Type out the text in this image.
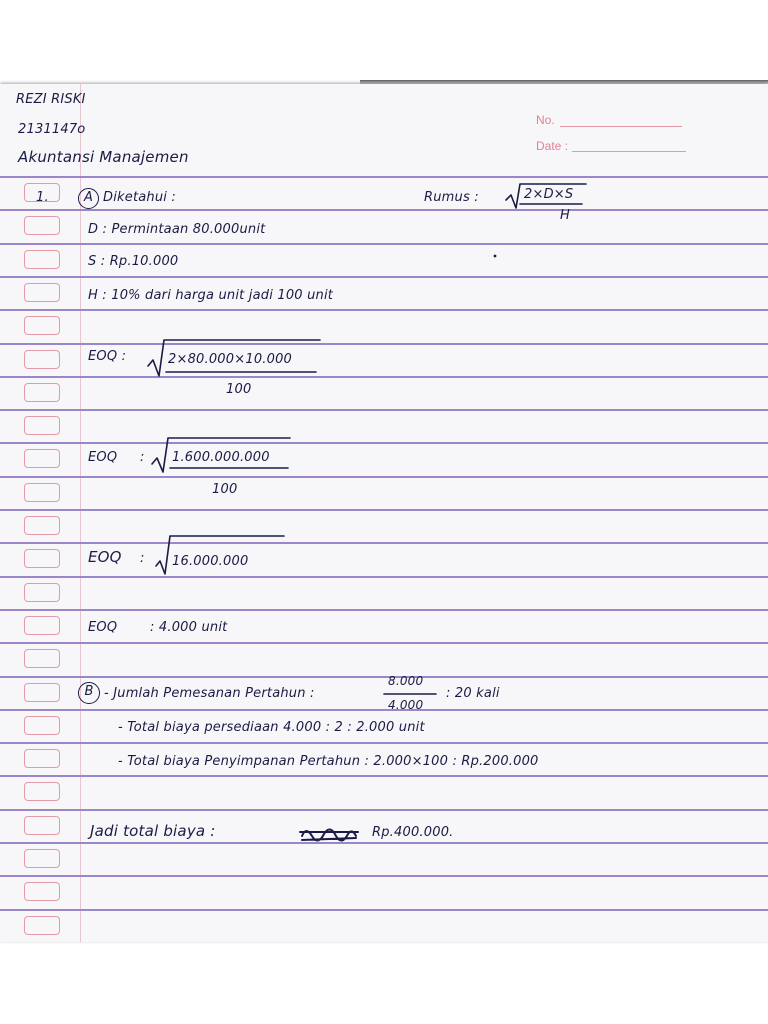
No.
Date :
REZI RISKI
2131147o
Akuntansi Manajemen
1.	A Diketahui :	Rumus :	2×D×S
H
D : Permintaan 80.000unit
S : Rp.10.000
H : 10% dari harga unit jadi 100 unit
EOQ :	2×80.000×10.000
100
EOQ : 1.600.000.000
100
EOQ : 16.000.000
EOQ	: 4.000 unit
B - Jumlah Pemesanan Pertahun :
8.000
4.000
: 20 kali
- Total biaya persediaan 4.000 : 2 : 2.000 unit
- Total biaya Penyimpanan Pertahun : 2.000×100 : Rp.200.000
Jadi total biaya :	Rp.400.000.
